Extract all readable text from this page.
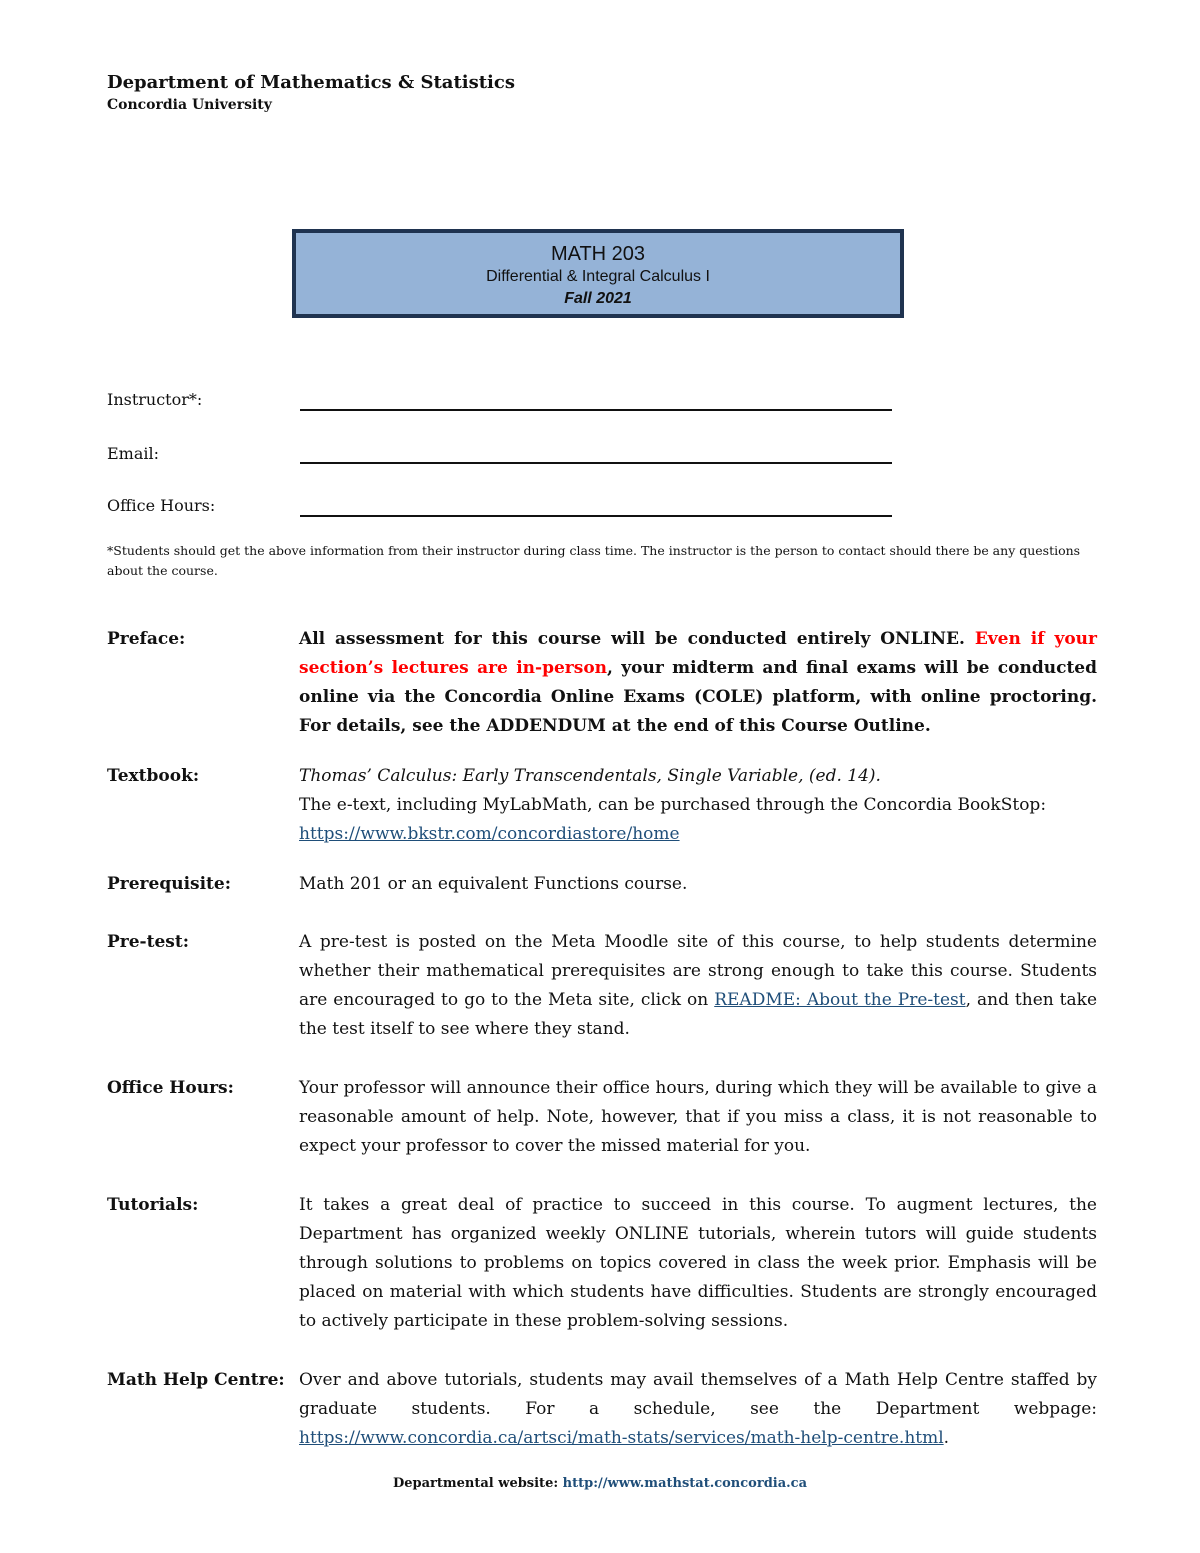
Department of Mathematics & Statistics
Concordia University
MATH 203
Differential & Integral Calculus I
Fall 2021
Instructor*:
Email:
Office Hours:
*Students should get the above information from their instructor during class time. The instructor is the person to contact should there be any questions about the course.
Preface:	All assessment for this course will be conducted entirely ONLINE. Even if your section’s lectures are in-person, your midterm and final exams will be conducted online via the Concordia Online Exams (COLE) platform, with online proctoring. For details, see the ADDENDUM at the end of this Course Outline.
Textbook:	Thomas’ Calculus: Early Transcendentals, Single Variable, (ed. 14).
The e-text, including MyLabMath, can be purchased through the Concordia BookStop:
https://www.bkstr.com/concordiastore/home
Prerequisite:	Math 201 or an equivalent Functions course.
Pre-test:	A pre-test is posted on the Meta Moodle site of this course, to help students determine whether their mathematical prerequisites are strong enough to take this course. Students are encouraged to go to the Meta site, click on README: About the Pre-test, and then take the test itself to see where they stand.
Office Hours:	Your professor will announce their office hours, during which they will be available to give a reasonable amount of help. Note, however, that if you miss a class, it is not reasonable to expect your professor to cover the missed material for you.
Tutorials:	It takes a great deal of practice to succeed in this course. To augment lectures, the Department has organized weekly ONLINE tutorials, wherein tutors will guide students through solutions to problems on topics covered in class the week prior. Emphasis will be placed on material with which students have difficulties. Students are strongly encouraged to actively participate in these problem-solving sessions.
Math Help Centre: Over and above tutorials, students may avail themselves of a Math Help Centre staffed by graduate students. For a schedule, see the Department webpage: https://www.concordia.ca/artsci/math-stats/services/math-help-centre.html.
Departmental website: http://www.mathstat.concordia.ca
